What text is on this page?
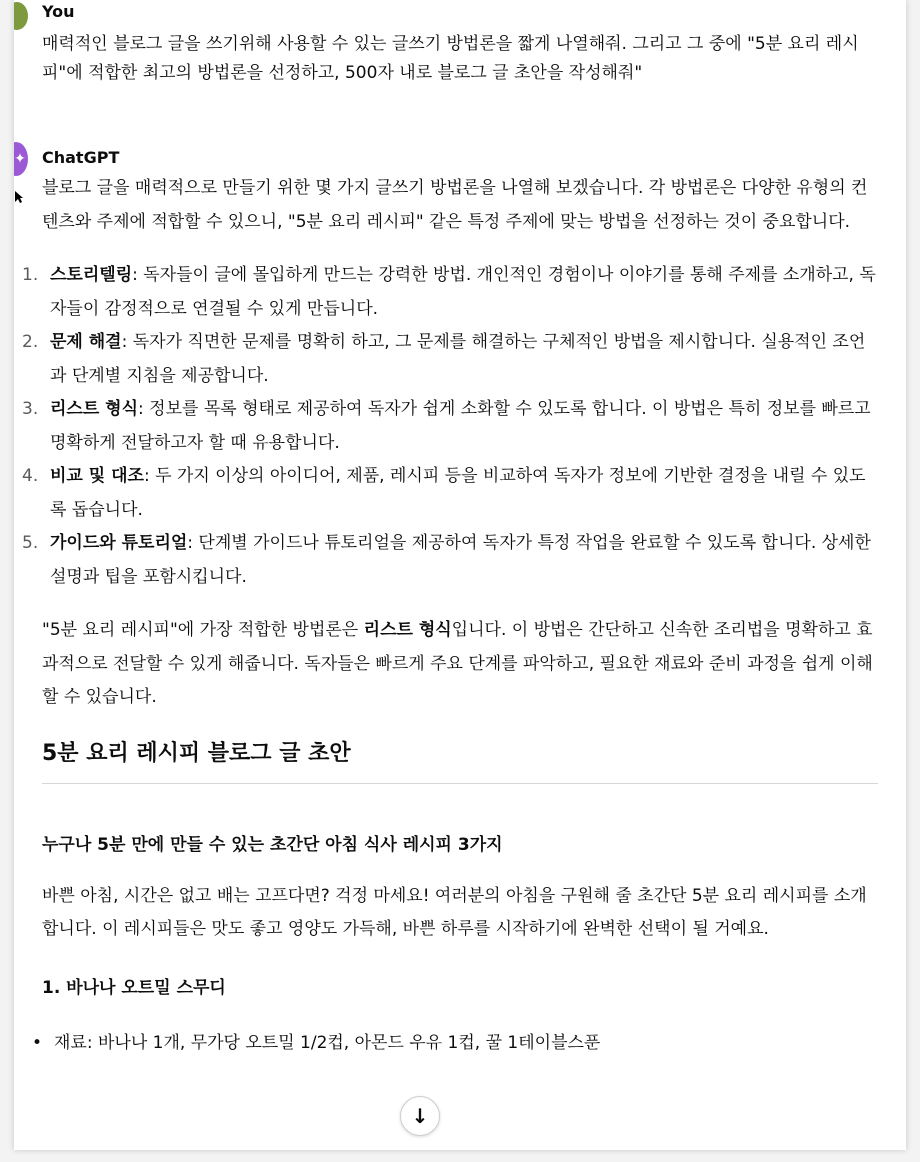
You

매력적인 블로그 글을 쓰기위해 사용할 수 있는 글쓰기 방법론을 짧게 나열해줘. 그리고 그 중에 "5분 요리 레시피"에 적합한 최고의 방법론을 선정하고, 500자 내로 블로그 글 초안을 작성해줘"

✦ ChatGPT

블로그 글을 매력적으로 만들기 위한 몇 가지 글쓰기 방법론을 나열해 보겠습니다. 각 방법론은 다양한 유형의 컨텐츠와 주제에 적합할 수 있으니, "5분 요리 레시피" 같은 특정 주제에 맞는 방법을 선정하는 것이 중요합니다.

1. 스토리텔링: 독자들이 글에 몰입하게 만드는 강력한 방법. 개인적인 경험이나 이야기를 통해 주제를 소개하고, 독자들이 감정적으로 연결될 수 있게 만듭니다.
2. 문제 해결: 독자가 직면한 문제를 명확히 하고, 그 문제를 해결하는 구체적인 방법을 제시합니다. 실용적인 조언과 단계별 지침을 제공합니다.
3. 리스트 형식: 정보를 목록 형태로 제공하여 독자가 쉽게 소화할 수 있도록 합니다. 이 방법은 특히 정보를 빠르고 명확하게 전달하고자 할 때 유용합니다.
4. 비교 및 대조: 두 가지 이상의 아이디어, 제품, 레시피 등을 비교하여 독자가 정보에 기반한 결정을 내릴 수 있도록 돕습니다.
5. 가이드와 튜토리얼: 단계별 가이드나 튜토리얼을 제공하여 독자가 특정 작업을 완료할 수 있도록 합니다. 상세한 설명과 팁을 포함시킵니다.

"5분 요리 레시피"에 가장 적합한 방법론은 리스트 형식입니다. 이 방법은 간단하고 신속한 조리법을 명확하고 효과적으로 전달할 수 있게 해줍니다. 독자들은 빠르게 주요 단계를 파악하고, 필요한 재료와 준비 과정을 쉽게 이해할 수 있습니다.

5분 요리 레시피 블로그 글 초안
누구나 5분 만에 만들 수 있는 초간단 아침 식사 레시피 3가지

바쁜 아침, 시간은 없고 배는 고프다면? 걱정 마세요! 여러분의 아침을 구원해 줄 초간단 5분 요리 레시피를 소개합니다. 이 레시피들은 맛도 좋고 영양도 가득해, 바쁜 하루를 시작하기에 완벽한 선택이 될 거예요.

1. 바나나 오트밀 스무디
• 재료: 바나나 1개, 무가당 오트밀 1/2컵, 아몬드 우유 1컵, 꿀 1테이블스푼
↓
